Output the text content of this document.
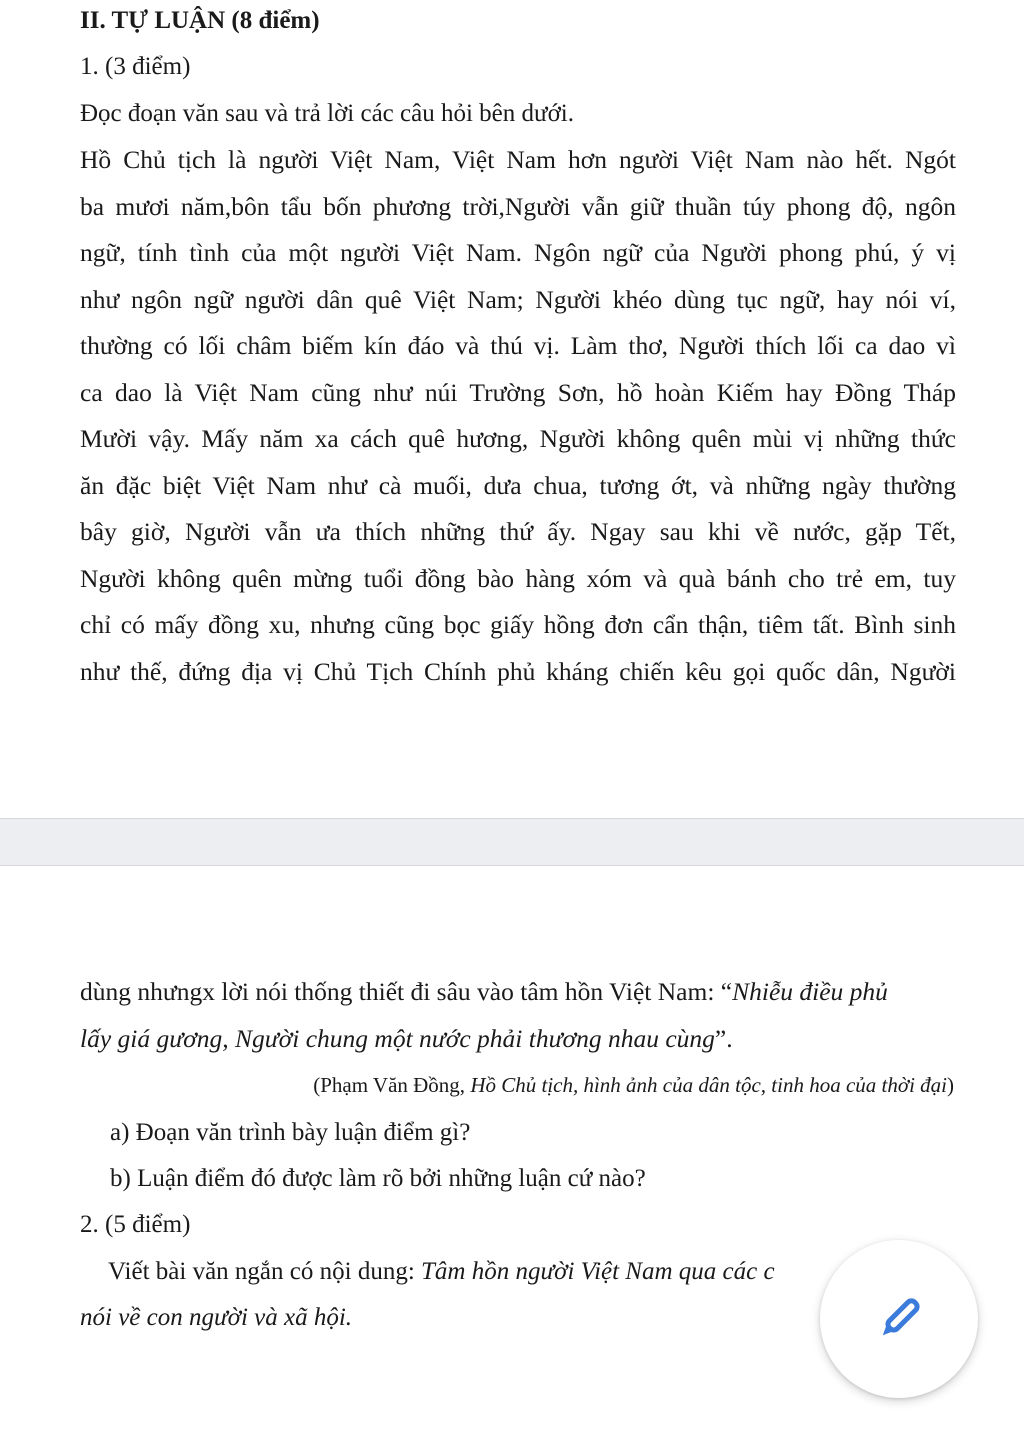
II. TỰ LUẬN (8 điểm)
1. (3 điểm)
Đọc đoạn văn sau và trả lời các câu hỏi bên dưới.
Hồ Chủ tịch là người Việt Nam, Việt Nam hơn người Việt Nam nào hết. Ngót
ba mươi năm,bôn tẩu bốn phương trời,Người vẫn giữ thuần túy phong độ, ngôn
ngữ, tính tình của một người Việt Nam. Ngôn ngữ của Người phong phú, ý vị
như ngôn ngữ người dân quê Việt Nam; Người khéo dùng tục ngữ, hay nói ví,
thường có lối châm biếm kín đáo và thú vị. Làm thơ, Người thích lối ca dao vì
ca dao là Việt Nam cũng như núi Trường Sơn, hồ hoàn Kiếm hay Đồng Tháp
Mười vậy. Mấy năm xa cách quê hương, Người không quên mùi vị những thức
ăn đặc biệt Việt Nam như cà muối, dưa chua, tương ớt, và những ngày thường
bây giờ, Người vẫn ưa thích những thứ ấy. Ngay sau khi về nước, gặp Tết,
Người không quên mừng tuổi đồng bào hàng xóm và quà bánh cho trẻ em, tuy
chỉ có mấy đồng xu, nhưng cũng bọc giấy hồng đơn cẩn thận, tiêm tất. Bình sinh
như thế, đứng địa vị Chủ Tịch Chính phủ kháng chiến kêu gọi quốc dân, Người
dùng nhưngx lời nói thống thiết đi sâu vào tâm hồn Việt Nam: “Nhiễu điều phủ
lấy giá gương, Người chung một nước phải thương nhau cùng”.
(Phạm Văn Đồng, Hồ Chủ tịch, hình ảnh của dân tộc, tinh hoa của thời đại)
a) Đoạn văn trình bày luận điểm gì?
b) Luận điểm đó được làm rõ bởi những luận cứ nào?
2. (5 điểm)
Viết bài văn ngắn có nội dung: Tâm hồn người Việt Nam qua các c
nói về con người và xã hội.
